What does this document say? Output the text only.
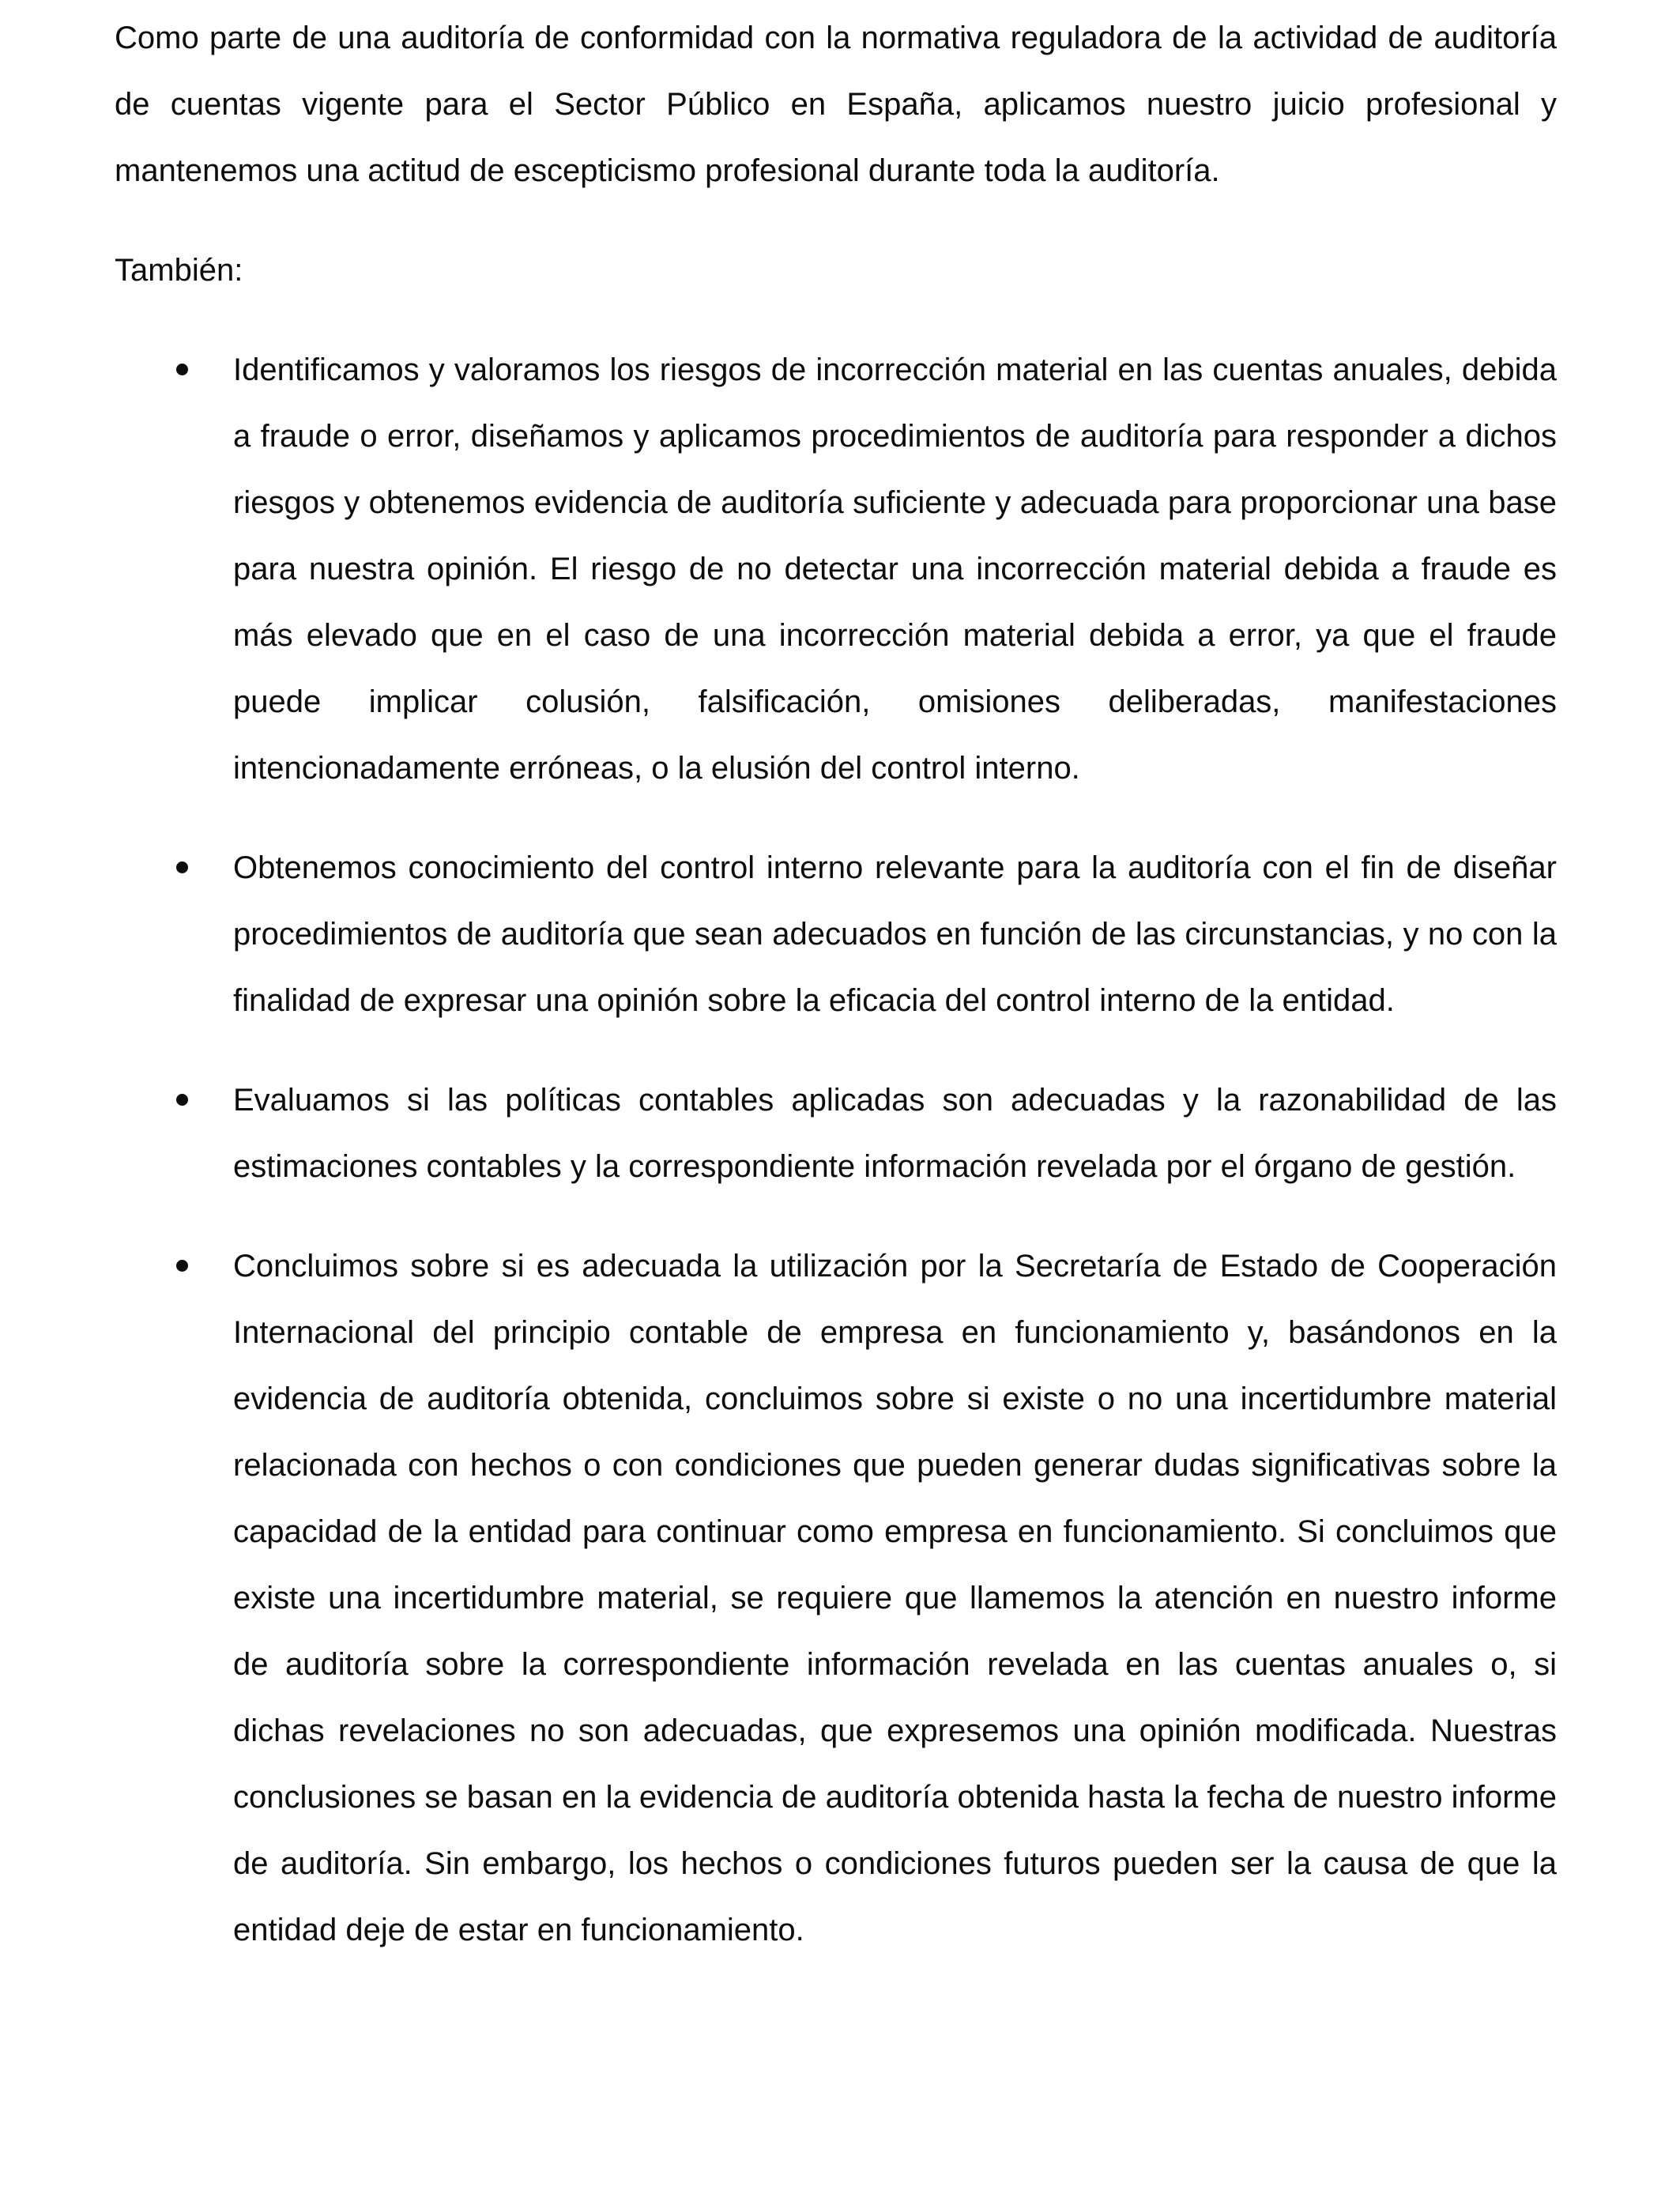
Como parte de una auditoría de conformidad con la normativa reguladora de la actividad de auditoría de cuentas vigente para el Sector Público en España, aplicamos nuestro juicio profesional y mantenemos una actitud de escepticismo profesional durante toda la auditoría.

También:

Identificamos y valoramos los riesgos de incorrección material en las cuentas anuales, debida a fraude o error, diseñamos y aplicamos procedimientos de auditoría para responder a dichos riesgos y obtenemos evidencia de auditoría suficiente y adecuada para proporcionar una base para nuestra opinión. El riesgo de no detectar una incorrección material debida a fraude es más elevado que en el caso de una incorrección material debida a error, ya que el fraude puede implicar colusión, falsificación, omisiones deliberadas, manifestaciones intencionadamente erróneas, o la elusión del control interno.

Obtenemos conocimiento del control interno relevante para la auditoría con el fin de diseñar procedimientos de auditoría que sean adecuados en función de las circunstancias, y no con la finalidad de expresar una opinión sobre la eficacia del control interno de la entidad.

Evaluamos si las políticas contables aplicadas son adecuadas y la razonabilidad de las estimaciones contables y la correspondiente información revelada por el órgano de gestión.

Concluimos sobre si es adecuada la utilización por la Secretaría de Estado de Cooperación Internacional del principio contable de empresa en funcionamiento y, basándonos en la evidencia de auditoría obtenida, concluimos sobre si existe o no una incertidumbre material relacionada con hechos o con condiciones que pueden generar dudas significativas sobre la capacidad de la entidad para continuar como empresa en funcionamiento. Si concluimos que existe una incertidumbre material, se requiere que llamemos la atención en nuestro informe de auditoría sobre la correspondiente información revelada en las cuentas anuales o, si dichas revelaciones no son adecuadas, que expresemos una opinión modificada. Nuestras conclusiones se basan en la evidencia de auditoría obtenida hasta la fecha de nuestro informe de auditoría. Sin embargo, los hechos o condiciones futuros pueden ser la causa de que la entidad deje de estar en funcionamiento.
